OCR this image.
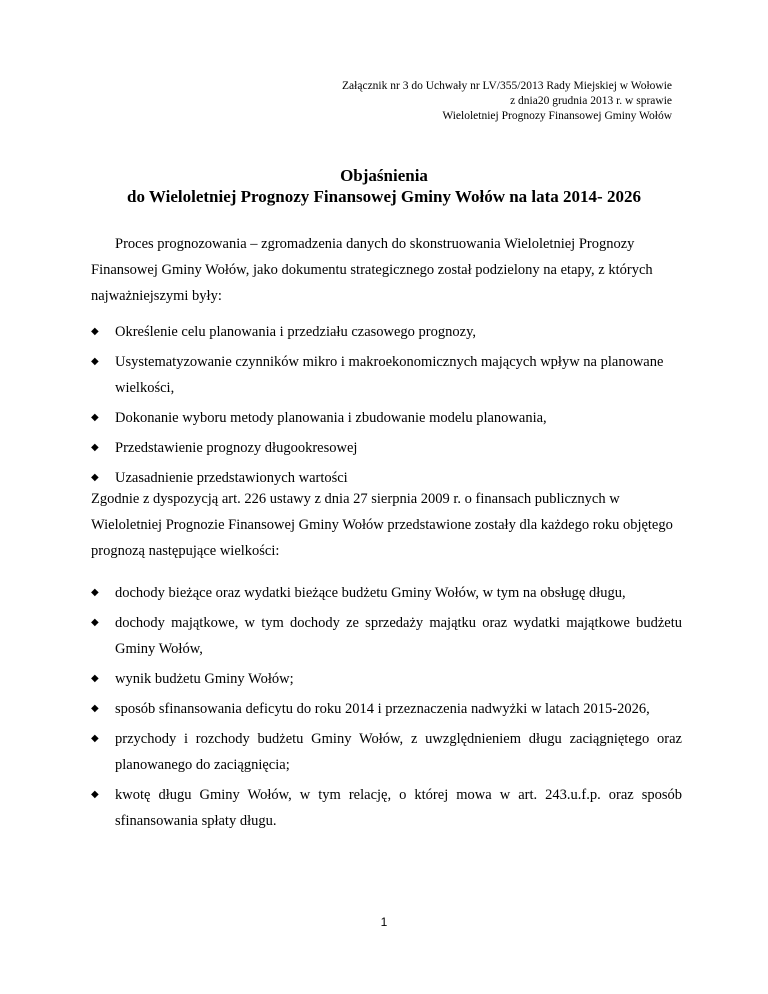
Załącznik nr 3 do Uchwały nr LV/355/2013 Rady Miejskiej w Wołowie
z dnia20 grudnia 2013 r. w sprawie
Wieloletniej Prognozy Finansowej Gminy Wołów
Objaśnienia
do Wieloletniej Prognozy Finansowej Gminy Wołów na lata 2014- 2026
Proces prognozowania – zgromadzenia danych do skonstruowania Wieloletniej Prognozy Finansowej Gminy Wołów, jako dokumentu strategicznego został podzielony na etapy, z których najważniejszymi były:
◆ Określenie celu planowania i przedziału czasowego prognozy,
◆ Usystematyzowanie czynników mikro i makroekonomicznych mających wpływ na planowane wielkości,
◆ Dokonanie wyboru metody planowania i zbudowanie modelu planowania,
◆ Przedstawienie prognozy długookresowej
◆ Uzasadnienie przedstawionych wartości
Zgodnie z dyspozycją art. 226 ustawy z dnia 27 sierpnia 2009 r. o finansach publicznych w Wieloletniej Prognozie Finansowej Gminy Wołów przedstawione zostały dla każdego roku objętego prognozą następujące wielkości:
◆ dochody bieżące oraz wydatki bieżące budżetu Gminy Wołów, w tym na obsługę długu,
◆ dochody majątkowe, w tym dochody ze sprzedaży majątku oraz wydatki majątkowe budżetu Gminy Wołów,
◆ wynik budżetu Gminy Wołów;
◆ sposób sfinansowania deficytu do roku 2014 i przeznaczenia nadwyżki w latach 2015-2026,
◆ przychody i rozchody budżetu Gminy Wołów, z uwzględnieniem długu zaciągniętego oraz planowanego do zaciągnięcia;
◆ kwotę długu Gminy Wołów, w tym relację, o której mowa w art. 243.u.f.p. oraz sposób sfinansowania spłaty długu.
1
